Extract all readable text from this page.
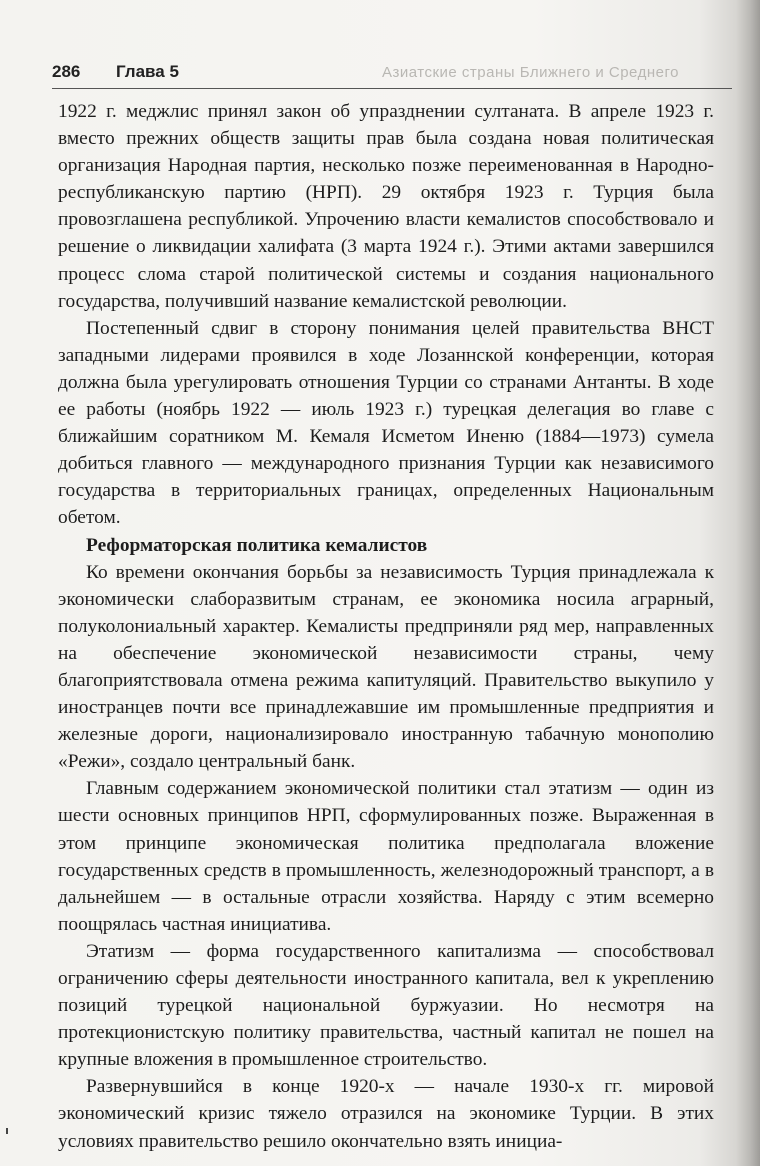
286 Глава 5	Азиатские страны Ближнего и Среднего

1922 г. меджлис принял закон об упразднении султаната. В апреле 1923 г. вместо прежних обществ защиты прав была создана новая политическая организация Народная партия, несколько позже переименованная в Народно-республиканскую партию (НРП). 29 октября 1923 г. Турция была провозглашена республикой. Упрочению власти кемалистов способствовало и решение о ликвидации халифата (3 марта 1924 г.). Этими актами завершился процесс слома старой политической системы и создания национального государства, получивший название кемалистской революции.

Постепенный сдвиг в сторону понимания целей правительства ВНСТ западными лидерами проявился в ходе Лозаннской конференции, которая должна была урегулировать отношения Турции со странами Антанты. В ходе ее работы (ноябрь 1922 — июль 1923 г.) турецкая делегация во главе с ближайшим соратником М. Кемаля Исметом Иненю (1884—1973) сумела добиться главного — международного признания Турции как независимого государства в территориальных границах, определенных Национальным обетом.

Реформаторская политика кемалистов

Ко времени окончания борьбы за независимость Турция принадлежала к экономически слаборазвитым странам, ее экономика носила аграрный, полуколониальный характер. Кемалисты предприняли ряд мер, направленных на обеспечение экономической независимости страны, чему благоприятствовала отмена режима капитуляций. Правительство выкупило у иностранцев почти все принадлежавшие им промышленные предприятия и железные дороги, национализировало иностранную табачную монополию «Режи», создало центральный банк.

Главным содержанием экономической политики стал этатизм — один из шести основных принципов НРП, сформулированных позже. Выраженная в этом принципе экономическая политика предполагала вложение государственных средств в промышленность, железнодорожный транспорт, а в дальнейшем — в остальные отрасли хозяйства. Наряду с этим всемерно поощрялась частная инициатива.

Этатизм — форма государственного капитализма — способствовал ограничению сферы деятельности иностранного капитала, вел к укреплению позиций турецкой национальной буржуазии. Но несмотря на протекционистскую политику правительства, частный капитал не пошел на крупные вложения в промышленное строительство.

Развернувшийся в конце 1920-х — начале 1930-х гг. мировой экономический кризис тяжело отразился на экономике Турции. В этих условиях правительство решило окончательно взять инициа-
